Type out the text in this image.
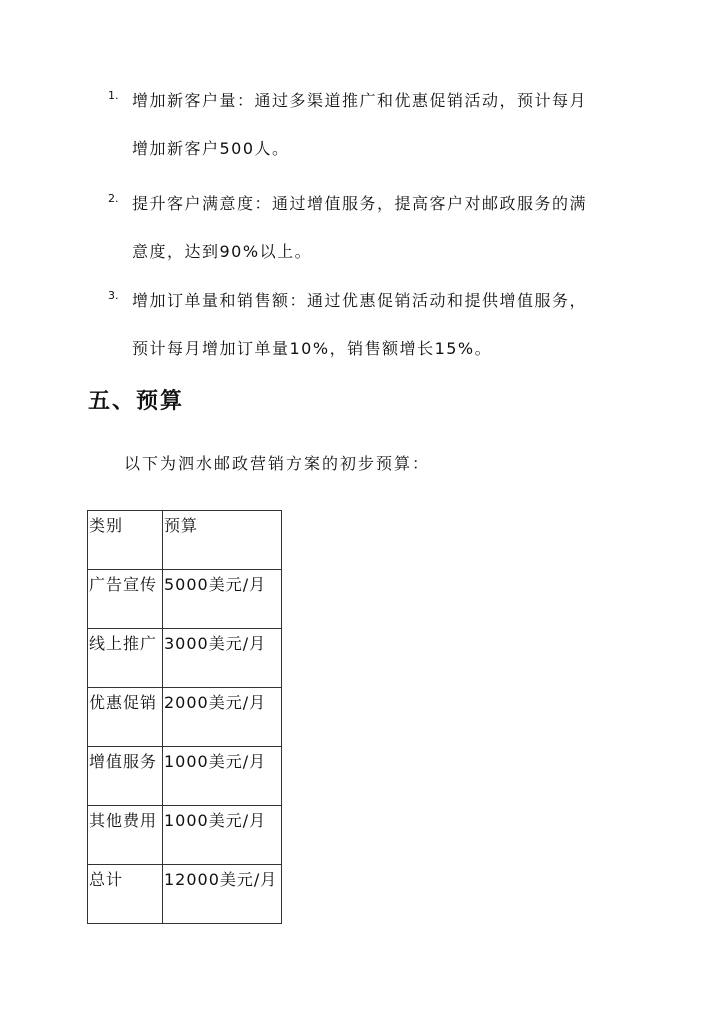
1. 增加新客户量：通过多渠道推广和优惠促销活动，预计每月
增加新客户500人。
2. 提升客户满意度：通过增值服务，提高客户对邮政服务的满
意度，达到90%以上。
3. 增加订单量和销售额：通过优惠促销活动和提供增值服务，
预计每月增加订单量10%，销售额增长15%。
五、预算
以下为泗水邮政营销方案的初步预算：
类别	预算
广告宣传	5000美元/月
线上推广	3000美元/月
优惠促销	2000美元/月
增值服务	1000美元/月
其他费用	1000美元/月
总计	12000美元/月
